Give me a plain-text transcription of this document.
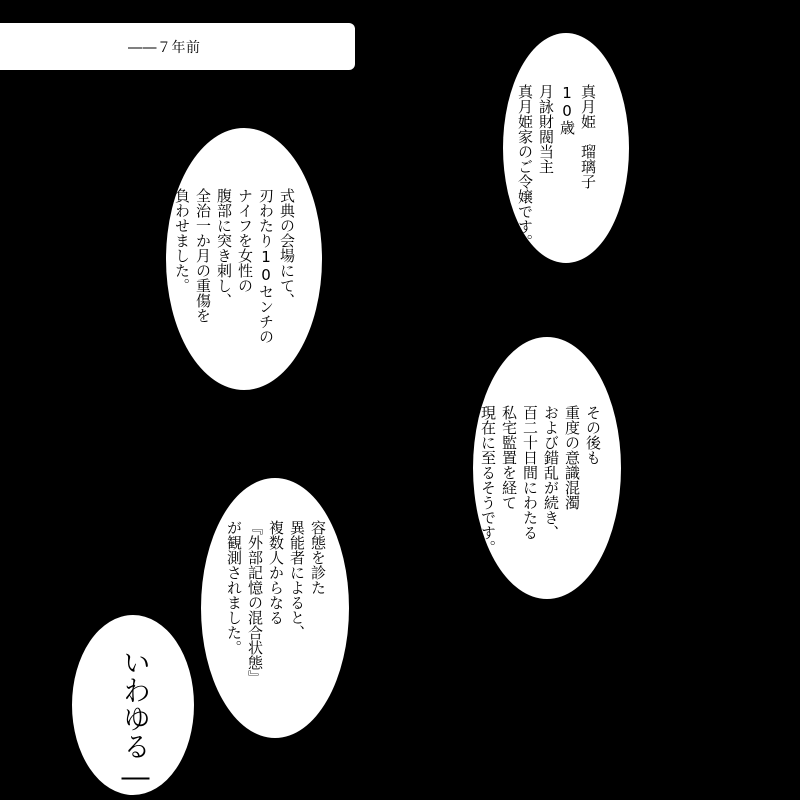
――７年前
真月姫　瑠璃子
10歳
月詠財閥当主
真月姫家のご令嬢です。
式典の会場にて、
刃わたり10センチの
ナイフを女性の
腹部に突き刺し、
全治一か月の重傷を
負わせました。
その後も
重度の意識混濁
および錯乱が続き、
百二十日間にわたる
私宅監置を経て
現在に至るそうです。
容態を診た
異能者によると、
複数人からなる
『外部記憶の混合状態』
が観測されました。
いわゆる―
